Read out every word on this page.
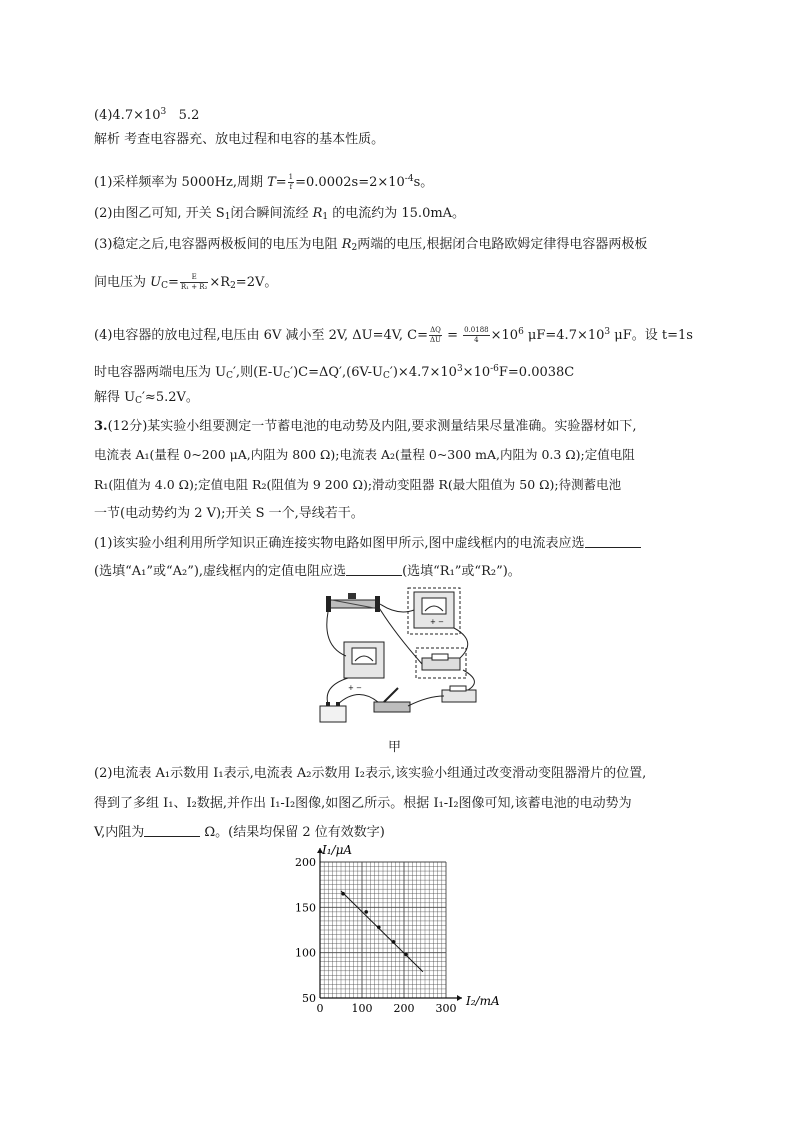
$(4)4.7\times 10^3$   5.2
解析 考查电容器充、放电过程和电容的基本性质。
(1)采样频率为 5000Hz,周期 $T= \frac{1}{f} =0.0002s=2\times 10^{-4}s$。
(2)由图乙可知, 开关 $S_1$闭合瞬间流经 $R_1$ 的电流约为 15.0mA。
(3)稳定之后,电容器两极板间的电压为电阻 $R_2$两端的电压,根据闭合电路欧姆定律得电容器两极板
间电压为 $U_C= \frac{E}{\text{R₁ + R₂}} \times R_2=2V$。
(4)电容器的放电过程,电压由 6V 减小至 2V, ΔU=4V, $C= \frac{\Delta Q}{\Delta U} = \frac{0.0188}{4} \times 10^6$ $\mu F=4.7\times 10^3$ μF。设 t=1s
时电容器两端电压为 $U_C'$,则$(E-U_C')C=\Delta Q',(6V-U_C')\times 4.7\times 10^3\times 10^{-6}F=0.0038C$
解得 $U_C'\approx 5.2V$。
3.(12分)某实验小组要测定一节蓄电池的电动势及内阻,要求测量结果尽量准确。实验器材如下,
电流表 A₁(量程 0~200 μA,内阻为 800 Ω);电流表 A₂(量程 0~300 mA,内阻为 0.3 Ω);定值电阻
R₁(阻值为 4.0 Ω);定值电阻 R₂(阻值为 9 200 Ω);滑动变阻器 R(最大阻值为 50 Ω);待测蓄电池
一节(电动势约为 2 V);开关 S 一个,导线若干。
(1)该实验小组利用所学知识正确连接实物电路如图甲所示,图中虚线框内的电流表应选
(选填“A₁”或“A₂”),虚线框内的定值电阻应选	(选填“R₁”或“R₂”)。
+ −
+ −
甲
(2)电流表 A₁示数用 I₁表示,电流表 A₂示数用 I₂表示,该实验小组通过改变滑动变阻器滑片的位置,
得到了多组 I₁、I₂数据,并作出 I₁-I₂图像,如图乙所示。根据 I₁-I₂图像可知,该蓄电池的电动势为
V,内阻为	Ω。(结果均保留 2 位有效数字)
50
100
150
200
0	100 200 300
I₁/μA
I₂/mA
